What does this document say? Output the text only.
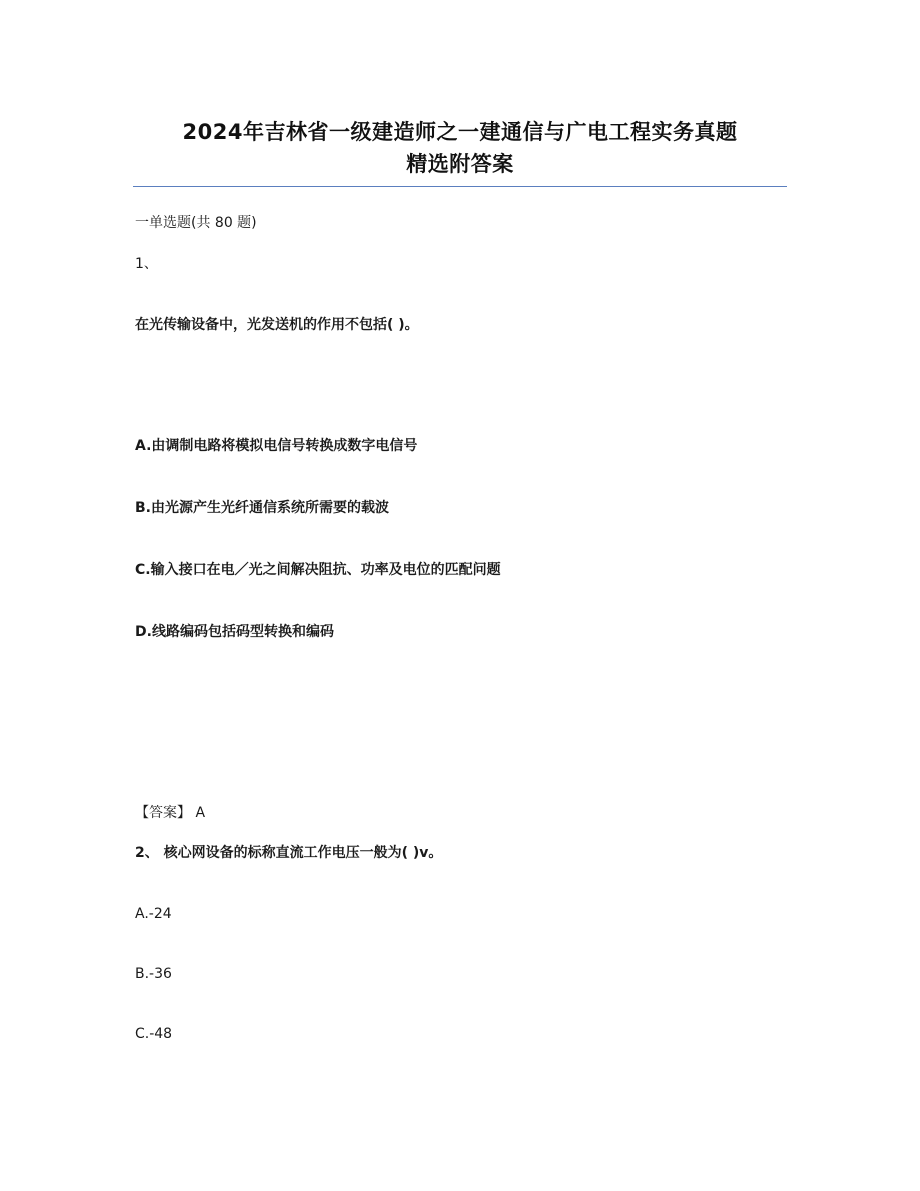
2024年吉林省一级建造师之一建通信与广电工程实务真题
精选附答案
一单选题(共 80 题)
1、
在光传输设备中，光发送机的作用不包括( )。
A.由调制电路将模拟电信号转换成数字电信号
B.由光源产生光纤通信系统所需要的载波
C.输入接口在电／光之间解决阻抗、功率及电位的匹配问题
D.线路编码包括码型转换和编码
【答案】 A
2、 核心网设备的标称直流工作电压一般为( )v。
A.-24
B.-36
C.-48
